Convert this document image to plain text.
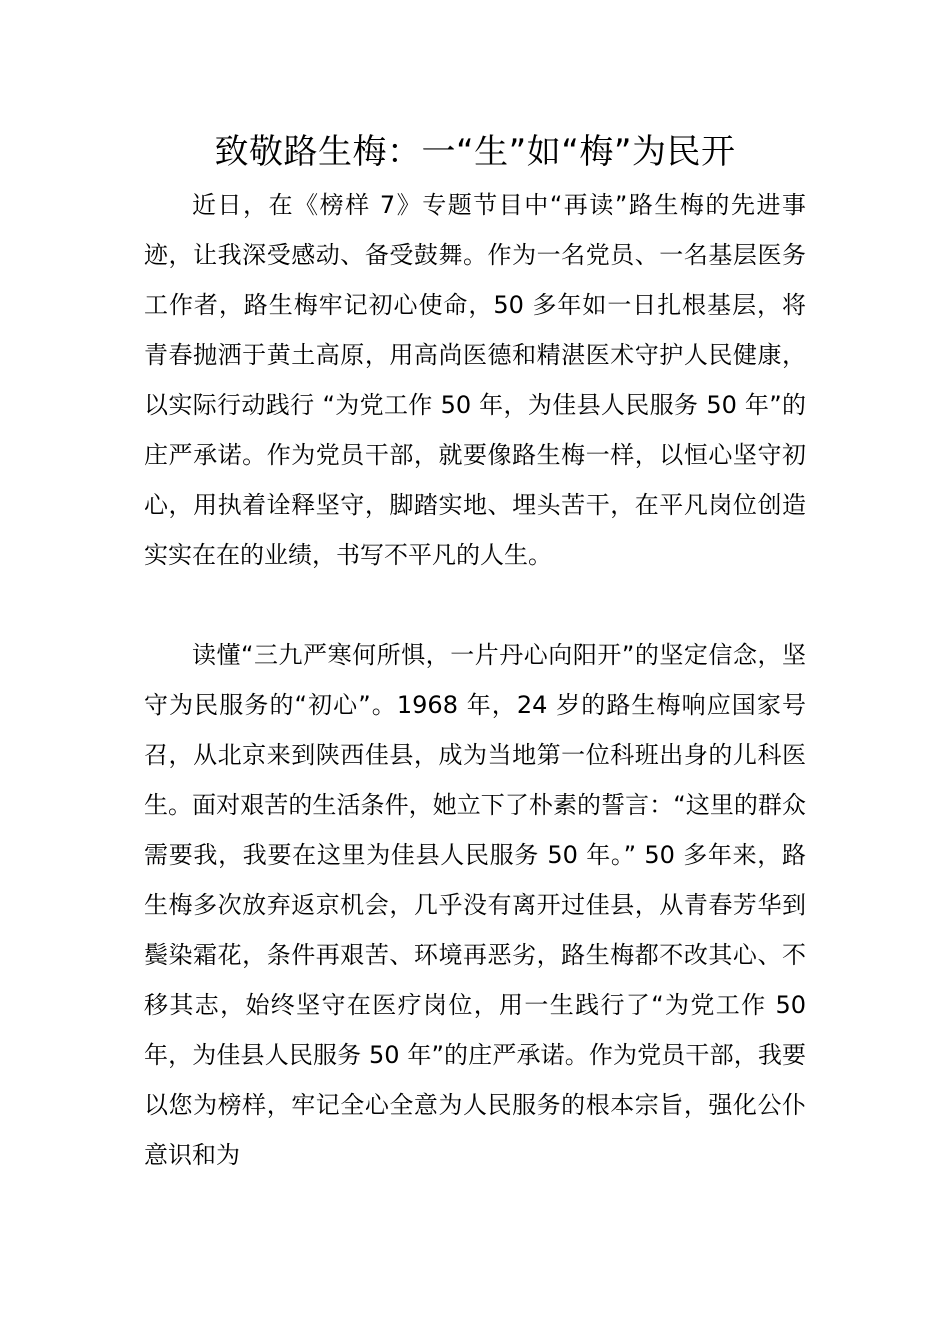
致敬路生梅：一“生”如“梅”为民开

近日，在《榜样 7》专题节目中“再读”路生梅的先进事迹，让我深受感动、备受鼓舞。作为一名党员、一名基层医务工作者，路生梅牢记初心使命，50 多年如一日扎根基层，将青春抛洒于黄土高原，用高尚医德和精湛医术守护人民健康，以实际行动践行 “为党工作 50 年，为佳县人民服务 50 年”的庄严承诺。作为党员干部，就要像路生梅一样，以恒心坚守初心，用执着诠释坚守，脚踏实地、埋头苦干，在平凡岗位创造实实在在的业绩，书写不平凡的人生。

读懂“三九严寒何所惧，一片丹心向阳开”的坚定信念，坚守为民服务的“初心”。1968 年，24 岁的路生梅响应国家号召，从北京来到陕西佳县，成为当地第一位科班出身的儿科医生。面对艰苦的生活条件，她立下了朴素的誓言：“这里的群众需要我，我要在这里为佳县人民服务 50 年。” 50 多年来，路生梅多次放弃返京机会，几乎没有离开过佳县，从青春芳华到鬓染霜花，条件再艰苦、环境再恶劣，路生梅都不改其心、不移其志，始终坚守在医疗岗位，用一生践行了“为党工作 50 年，为佳县人民服务 50 年”的庄严承诺。作为党员干部，我要以您为榜样，牢记全心全意为人民服务的根本宗旨，强化公仆意识和为
